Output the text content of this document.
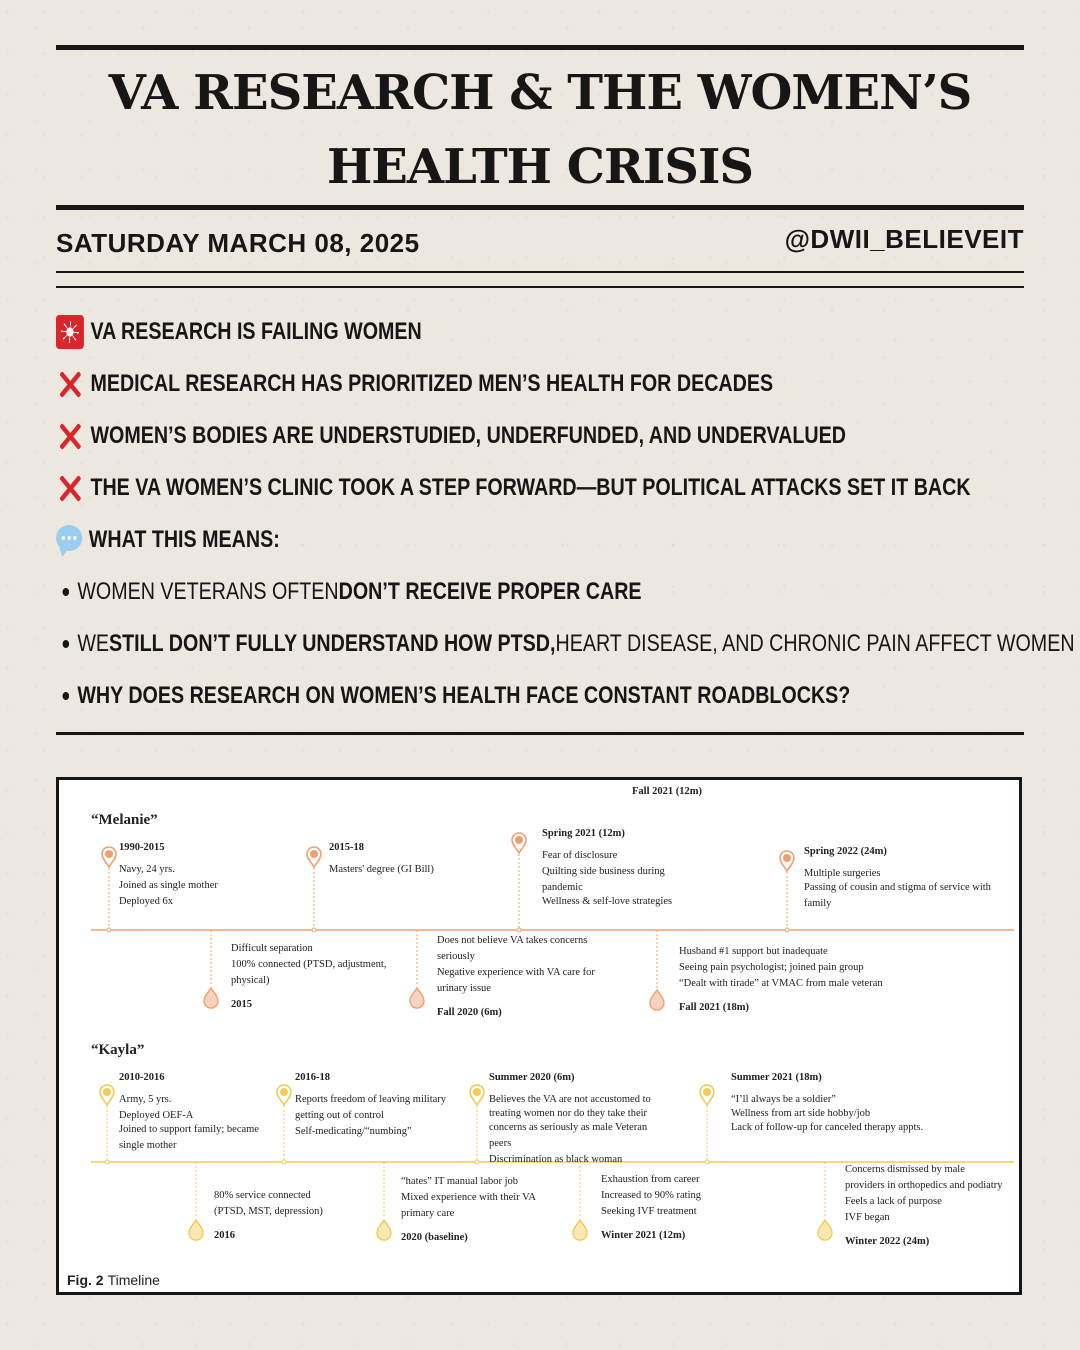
VA RESEARCH & THE WOMEN’S HEALTH CRISIS
SATURDAY MARCH 08, 2025	@DWII_BELIEVEIT
VA RESEARCH IS FAILING WOMEN
MEDICAL RESEARCH HAS PRIORITIZED MEN’S HEALTH FOR DECADES
WOMEN’S BODIES ARE UNDERSTUDIED, UNDERFUNDED, AND UNDERVALUED
THE VA WOMEN’S CLINIC TOOK A STEP FORWARD—BUT POLITICAL ATTACKS SET IT BACK
WHAT THIS MEANS:
WOMEN VETERANS OFTEN DON’T RECEIVE PROPER CARE
WE STILL DON’T FULLY UNDERSTAND HOW PTSD, HEART DISEASE, AND CHRONIC PAIN AFFECT WOMEN
WHY DOES RESEARCH ON WOMEN’S HEALTH FACE CONSTANT ROADBLOCKS?
“Melanie”
Fall 2021 (12m)
“Kayla”
Fig. 2 Timeline
1990-2015
Navy, 24 yrs.
Joined as single mother
Deployed 6x
2015-18
Masters' degree (GI Bill)
Spring 2021 (12m)
Fear of disclosure
Quilting side business during
pandemic
Wellness & self-love strategies
Spring 2022 (24m)
Multiple surgeries
Passing of cousin and stigma of service with
family
Difficult separation
100% connected (PTSD, adjustment,
physical)
2015
Does not believe VA takes concerns
seriously
Negative experience with VA care for
urinary issue
Fall 2020 (6m)
Husband #1 support but inadequate
Seeing pain psychologist; joined pain group
“Dealt with tirade” at VMAC from male veteran
Fall 2021 (18m)
2010-2016
Army, 5 yrs.
Deployed OEF-A
Joined to support family; became
single mother
2016-18
Reports freedom of leaving military
getting out of control
Self-medicating/“numbing”
Summer 2020 (6m)
Believes the VA are not accustomed to
treating women nor do they take their
concerns as seriously as male Veteran
peers
Discrimination as black woman
Summer 2021 (18m)
“I’ll always be a soldier”
Wellness from art side hobby/job
Lack of follow-up for canceled therapy appts.
80% service connected
(PTSD, MST, depression)
2016
“hates” IT manual labor job
Mixed experience with their VA
primary care
2020 (baseline)
Exhaustion from career
Increased to 90% rating
Seeking IVF treatment
Winter 2021 (12m)
Concerns dismissed by male
providers in orthopedics and podiatry
Feels a lack of purpose
IVF began
Winter 2022 (24m)
